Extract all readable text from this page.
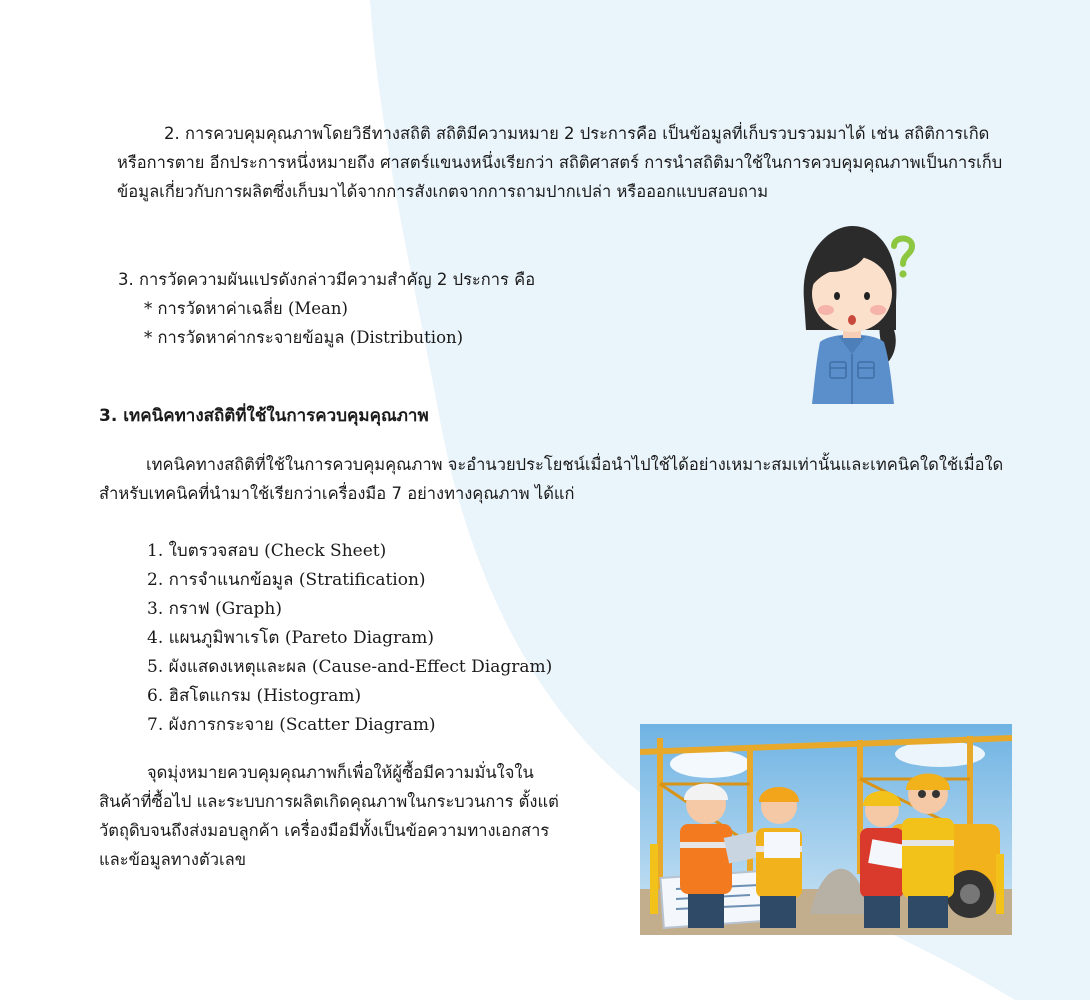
2. การควบคุมคุณภาพโดยวิธีทางสถิติ สถิติมีความหมาย 2 ประการคือ เป็นข้อมูลที่เก็บรวบรวมมาได้ เช่น สถิติการเกิด หรือการตาย อีกประการหนึ่งหมายถึง ศาสตร์แขนงหนึ่งเรียกว่า สถิติศาสตร์ การนำสถิติมาใช้ในการควบคุมคุณภาพเป็นการเก็บข้อมูลเกี่ยวกับการผลิตซึ่งเก็บมาได้จากการสังเกตจากการถามปากเปล่า หรือออกแบบสอบถาม

3. การวัดความผันแปรดังกล่าวมีความสำคัญ 2 ประการ คือ
* การวัดหาค่าเฉลี่ย (Mean)
* การวัดหาค่ากระจายข้อมูล (Distribution)
3. เทคนิคทางสถิติที่ใช้ในการควบคุมคุณภาพ

เทคนิคทางสถิติที่ใช้ในการควบคุมคุณภาพ จะอำนวยประโยชน์เมื่อนำไปใช้ได้อย่างเหมาะสมเท่านั้นและเทคนิคใดใช้เมื่อใด สำหรับเทคนิคที่นำมาใช้เรียกว่าเครื่องมือ 7 อย่างทางคุณภาพ ได้แก่

1. ใบตรวจสอบ (Check Sheet)
2. การจำแนกข้อมูล (Stratification)
3. กราฟ (Graph)
4. แผนภูมิพาเรโต (Pareto Diagram)
5. ผังแสดงเหตุและผล (Cause-and-Effect Diagram)
6. ฮิสโตแกรม (Histogram)
7. ผังการกระจาย (Scatter Diagram)

จุดมุ่งหมายควบคุมคุณภาพก็เพื่อให้ผู้ซื้อมีความมั่นใจในสินค้าที่ซื้อไป และระบบการผลิตเกิดคุณภาพในกระบวนการ ตั้งแต่วัตถุดิบจนถึงส่งมอบลูกค้า เครื่องมือมีทั้งเป็นข้อความทางเอกสารและข้อมูลทางตัวเลข
